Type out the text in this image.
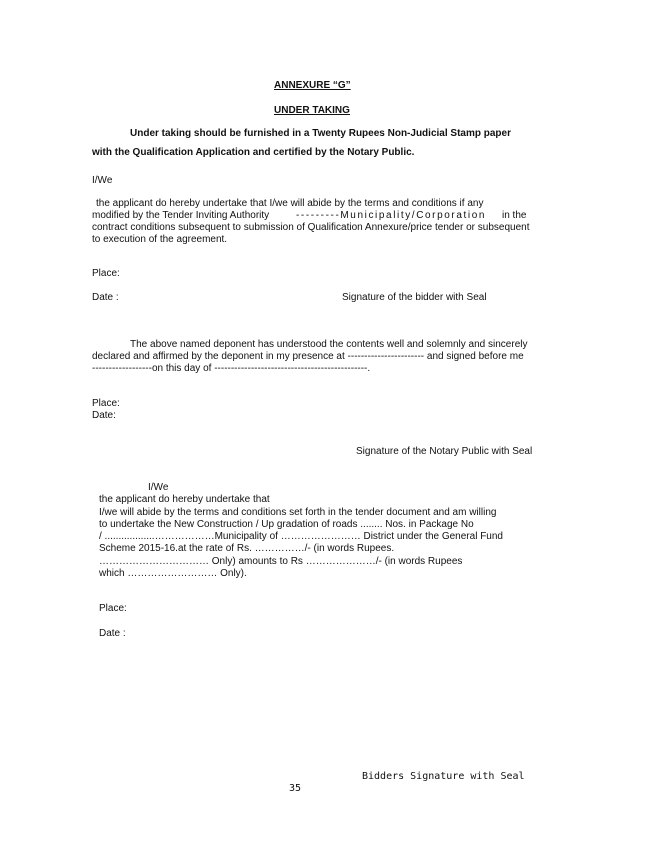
ANNEXURE “G”
UNDER TAKING
Under taking should be furnished in a Twenty Rupees Non-Judicial Stamp paper
with the Qualification Application and certified by the Notary Public.
I/We
the applicant do hereby undertake that I/we will abide by the terms and conditions if any
modified by the Tender Inviting Authority	---------Municipality/Corporation in the
contract conditions subsequent to submission of Qualification Annexure/price tender or subsequent
to execution of the agreement.
Place:
Date :	Signature of the bidder with Seal
The above named deponent has understood the contents well and solemnly and sincerely
declared and affirmed by the deponent in my presence at ----------------------- and signed before me
------------------on this day of ----------------------------------------------.
Place:
Date:
Signature of the Notary Public with Seal
I/We
the applicant do hereby undertake that
I/we will abide by the terms and conditions set forth in the tender document and am willing
to undertake the New Construction / Up gradation of roads ........ Nos. in Package No
/ ..................………………Municipality of …………………… District under the General Fund
Scheme 2015-16.at the rate of Rs. ……………/- (in words Rupees.
…………………………… Only) amounts to Rs …………………/- (in words Rupees
which ……………………… Only).
Place:
Date :
Bidders Signature with Seal
35
